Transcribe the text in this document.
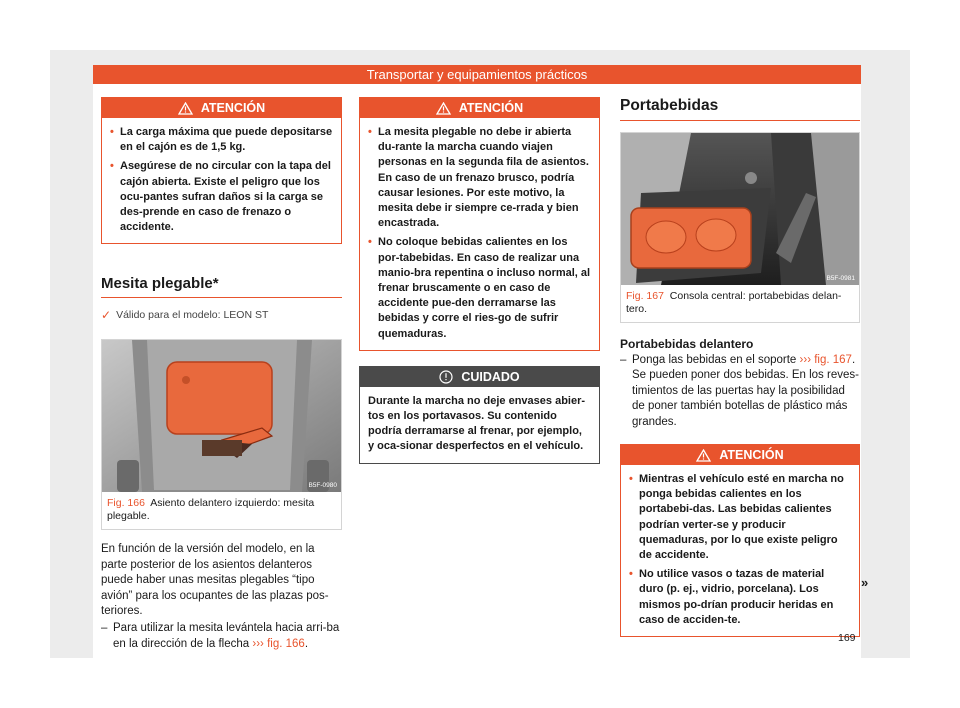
Transportar y equipamientos prácticos
ATENCIÓN

• La carga máxima que puede depositarse en el cajón es de 1,5 kg.

• Asegúrese de no circular con la tapa del cajón abierta. Existe el peligro que los ocu-pantes sufran daños si la carga se des-prende en caso de frenazo o accidente.

Mesita plegable*
✓ Válido para el modelo: LEON ST
B5F-0980
Fig. 166 Asiento delantero izquierdo: mesita plegable.

En función de la versión del modelo, en la parte posterior de los asientos delanteros puede haber unas mesitas plegables “tipo avión” para los ocupantes de las plazas pos-teriores.

– Para utilizar la mesita levántela hacia arri-ba en la dirección de la flecha ››› fig. 166.
ATENCIÓN

• La mesita plegable no debe ir abierta du-rante la marcha cuando viajen personas en la segunda fila de asientos. En caso de un frenazo brusco, podría causar lesiones. Por este motivo, la mesita debe ir siempre ce-rrada y bien encastrada.

• No coloque bebidas calientes en los por-tabebidas. En caso de realizar una manio-bra repentina o incluso normal, al frenar bruscamente o en caso de accidente pue-den derramarse las bebidas y corre el ries-go de sufrir quemaduras.

CUIDADO

Durante la marcha no deje envases abier-tos en los portavasos. Su contenido podría derramarse al frenar, por ejemplo, y oca-sionar desperfectos en el vehículo.

Portabebidas
B5F-0981
Fig. 167 Consola central: portabebidas delan-tero.
Portabebidas delantero
– Ponga las bebidas en el soporte ››› fig. 167. Se pueden poner dos bebidas. En los reves-timientos de las puertas hay la posibilidad de poner también botellas de plástico más grandes.
ATENCIÓN

• Mientras el vehículo esté en marcha no ponga bebidas calientes en los portabebi-das. Las bebidas calientes podrían verter-se y producir quemaduras, por lo que existe peligro de accidente.

• No utilice vasos o tazas de material duro (p. ej., vidrio, porcelana). Los mismos po-drían producir heridas en caso de acciden-te.

»
169
